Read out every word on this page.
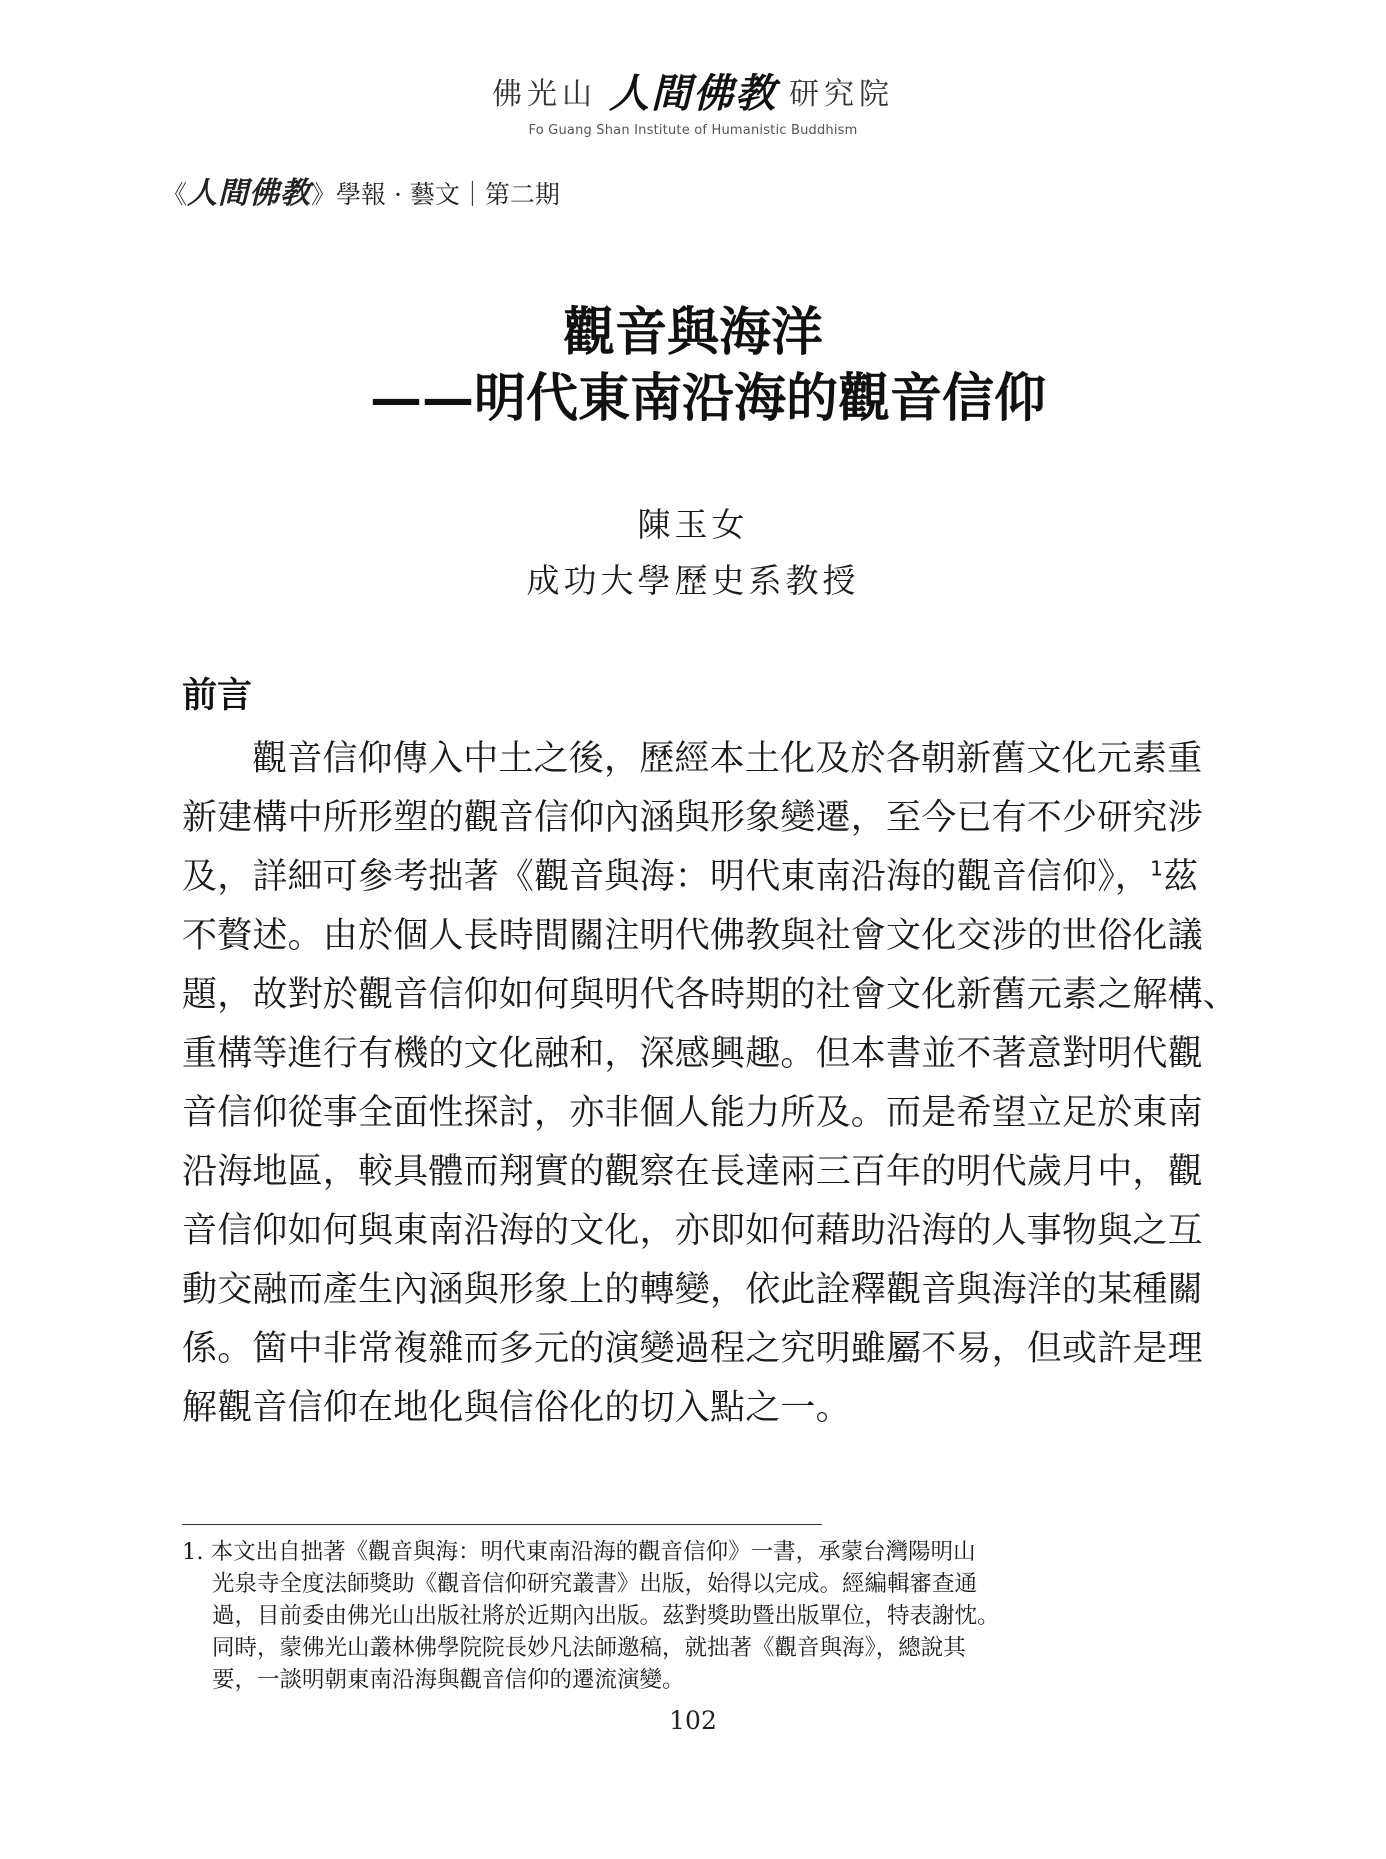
佛光山 人間佛教 研究院
Fo Guang Shan Institute of Humanistic Buddhism
《 人間佛教 》學報 · 藝文｜第二期
觀音與海洋
——明代東南沿海的觀音信仰
陳玉女
成功大學歷史系教授
前言
觀音信仰傳入中土之後，歷經本土化及於各朝新舊文化元素重
新建構中所形塑的觀音信仰內涵與形象變遷，至今已有不少研究涉
及，詳細可參考拙著《觀音與海：明代東南沿海的觀音信仰》，$^1$茲
不贅述。由於個人長時間關注明代佛教與社會文化交涉的世俗化議
題，故對於觀音信仰如何與明代各時期的社會文化新舊元素之解構、
重構等進行有機的文化融和，深感興趣。但本書並不著意對明代觀
音信仰從事全面性探討，亦非個人能力所及。而是希望立足於東南
沿海地區，較具體而翔實的觀察在長達兩三百年的明代歲月中，觀
音信仰如何與東南沿海的文化，亦即如何藉助沿海的人事物與之互
動交融而產生內涵與形象上的轉變，依此詮釋觀音與海洋的某種關
係。箇中非常複雜而多元的演變過程之究明雖屬不易，但或許是理
解觀音信仰在地化與信俗化的切入點之一。
1. 本文出自拙著《觀音與海：明代東南沿海的觀音信仰》一書，承蒙台灣陽明山
光泉寺全度法師獎助《觀音信仰研究叢書》出版，始得以完成。經編輯審查通
過，目前委由佛光山出版社將於近期內出版。茲對獎助暨出版單位，特表謝忱。
同時，蒙佛光山叢林佛學院院長妙凡法師邀稿，就拙著《觀音與海》，總說其
要，一談明朝東南沿海與觀音信仰的遷流演變。
102
